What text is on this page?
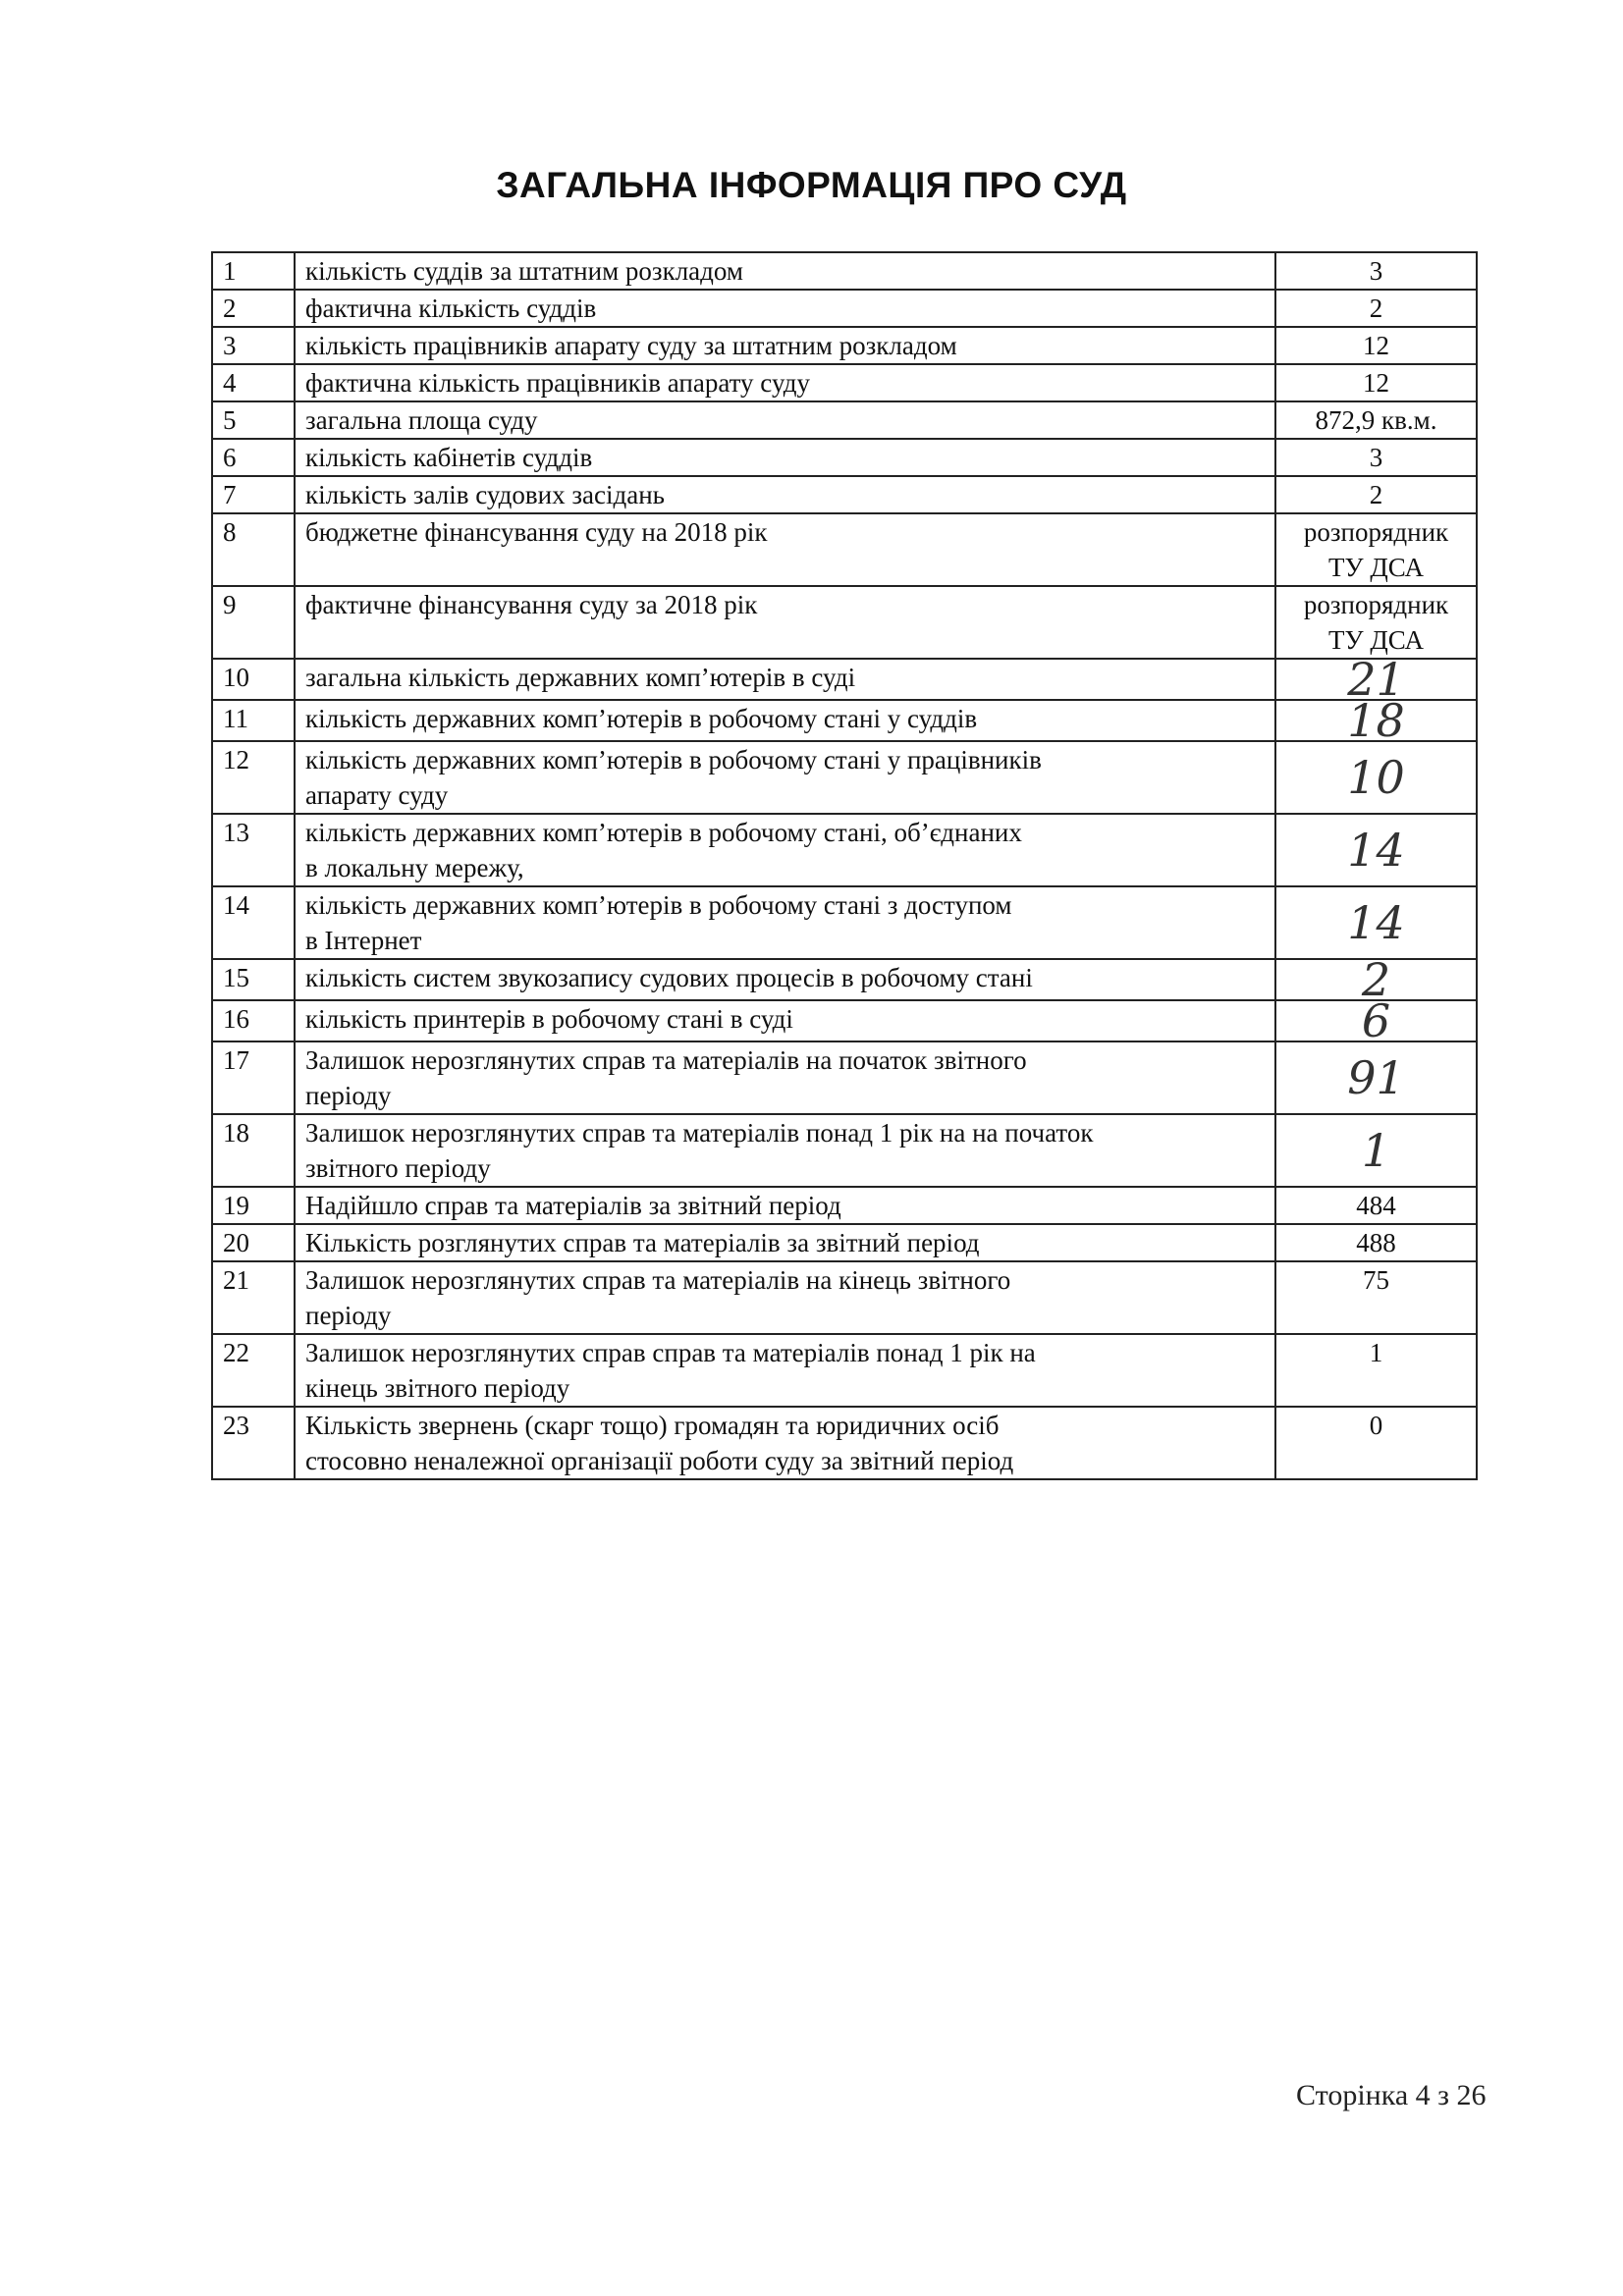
ЗАГАЛЬНА ІНФОРМАЦІЯ ПРО СУД
1	кількість суддів за штатним розкладом	3
2	фактична кількість суддів	2
3	кількість працівників апарату суду за штатним розкладом	12
4	фактична кількість працівників апарату суду	12
5	загальна площа суду	872,9 кв.м.
6	кількість кабінетів суддів	3
7	кількість залів судових засідань	2
8	бюджетне фінансування суду на 2018 рік	розпорядник
ТУ ДСА

9	фактичне фінансування суду за 2018 рік	розпорядник
ТУ ДСА

10	загальна кількість державних комп’ютерів в суді	21
11	кількість державних комп’ютерів в робочому стані у суддів	18
12	кількість державних комп’ютерів в робочому стані у працівників
апарату суду	10
13	кількість державних комп’ютерів в робочому стані, об’єднаних
в локальну мережу,	14
14	кількість державних комп’ютерів в робочому стані з доступом
в Інтернет	14
15	кількість систем звукозапису судових процесів в робочому стані	2
16	кількість принтерів в робочому стані в суді	6
17	Залишок нерозглянутих справ та матеріалів на початок звітного
періоду	91
18	Залишок нерозглянутих справ та матеріалів понад 1 рік на на початок
звітного періоду	1
19	Надійшло справ та матеріалів за звітний період	484
20	Кількість розглянутих справ та матеріалів за звітний період	488
21	Залишок нерозглянутих справ та матеріалів на кінець звітного
періоду	75
22	Залишок нерозглянутих справ справ та матеріалів понад 1 рік на
кінець звітного періоду	1
23	Кількість звернень (скарг тощо) громадян та юридичних осіб
стосовно неналежної організації роботи суду за звітний період	0
Сторінка 4 з 26
